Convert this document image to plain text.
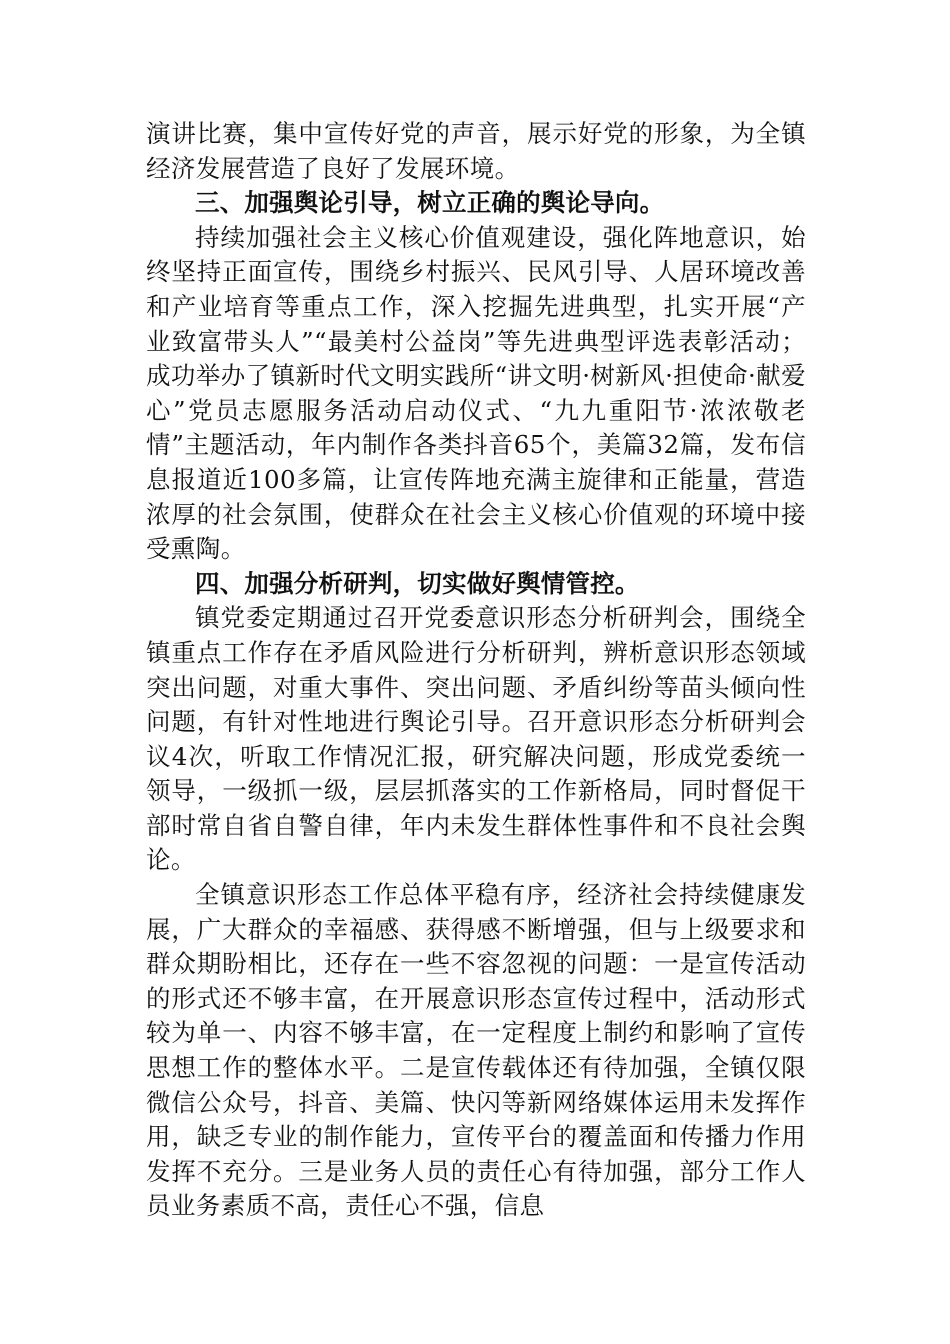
演讲比赛，集中宣传好党的声音，展示好党的形象，为全镇经济发展营造了良好了发展环境。

三、加强舆论引导，树立正确的舆论导向。

持续加强社会主义核心价值观建设，强化阵地意识，始终坚持正面宣传，围绕乡村振兴、民风引导、人居环境改善和产业培育等重点工作，深入挖掘先进典型，扎实开展“产业致富带头人”“最美村公益岗”等先进典型评选表彰活动；成功举办了镇新时代文明实践所“讲文明·树新风·担使命·献爱心”党员志愿服务活动启动仪式、“九九重阳节·浓浓敬老情”主题活动，年内制作各类抖音65个，美篇32篇，发布信息报道近100多篇，让宣传阵地充满主旋律和正能量，营造浓厚的社会氛围，使群众在社会主义核心价值观的环境中接受熏陶。

四、加强分析研判，切实做好舆情管控。

镇党委定期通过召开党委意识形态分析研判会，围绕全镇重点工作存在矛盾风险进行分析研判，辨析意识形态领域突出问题，对重大事件、突出问题、矛盾纠纷等苗头倾向性问题，有针对性地进行舆论引导。召开意识形态分析研判会议4次，听取工作情况汇报，研究解决问题，形成党委统一领导，一级抓一级，层层抓落实的工作新格局，同时督促干部时常自省自警自律，年内未发生群体性事件和不良社会舆论。

全镇意识形态工作总体平稳有序，经济社会持续健康发展，广大群众的幸福感、获得感不断增强，但与上级要求和群众期盼相比，还存在一些不容忽视的问题：一是宣传活动的形式还不够丰富，在开展意识形态宣传过程中，活动形式较为单一、内容不够丰富，在一定程度上制约和影响了宣传思想工作的整体水平。二是宣传载体还有待加强，全镇仅限微信公众号，抖音、美篇、快闪等新网络媒体运用未发挥作用，缺乏专业的制作能力，宣传平台的覆盖面和传播力作用发挥不充分。三是业务人员的责任心有待加强，部分工作人员业务素质不高，责任心不强，信息
